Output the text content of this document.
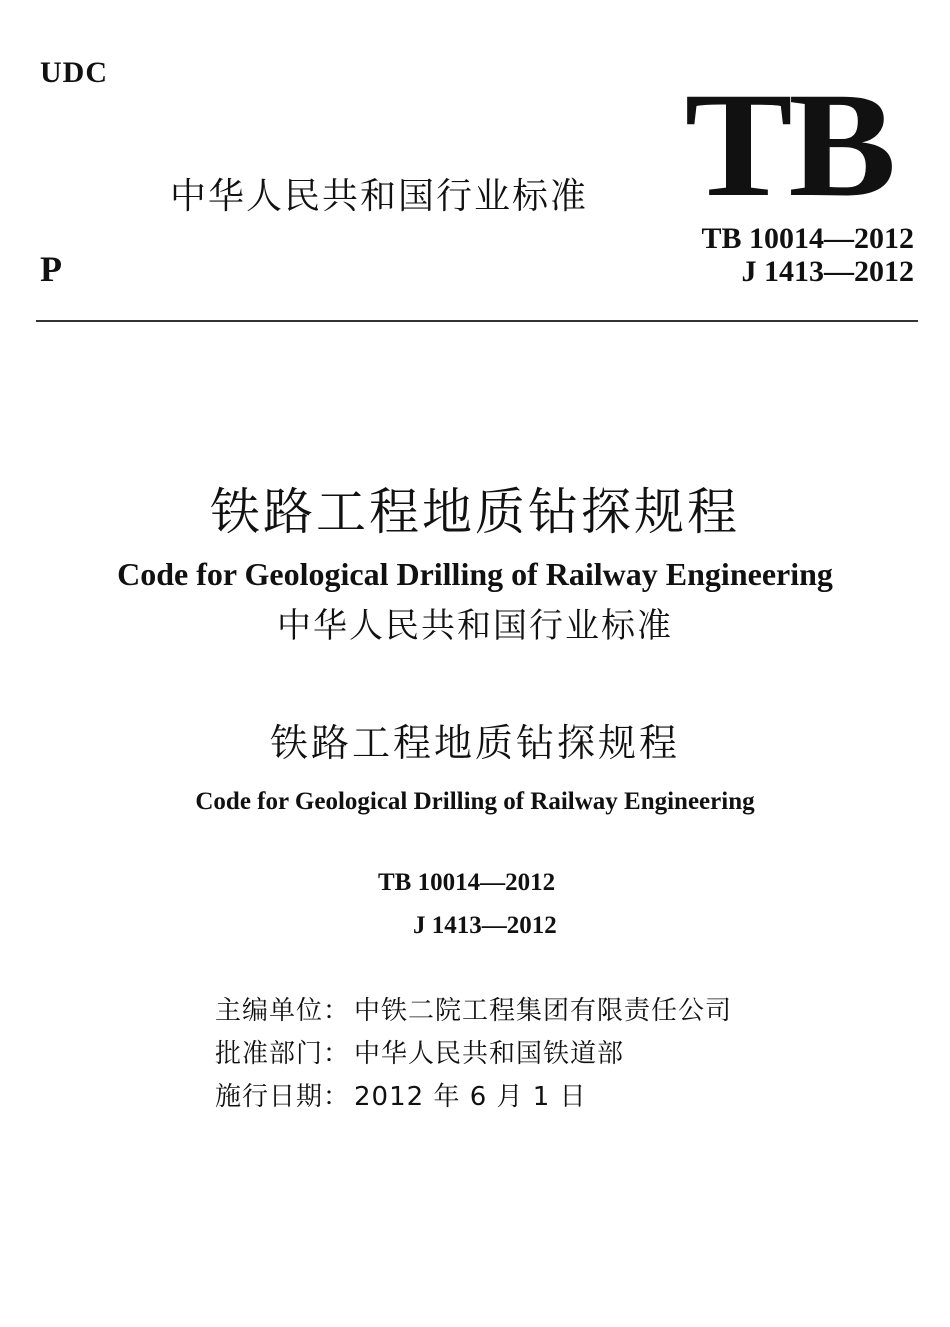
UDC
中华人民共和国行业标准 TB
TB 10014—2012
J 1413—2012
P
铁路工程地质钻探规程
Code for Geological Drilling of Railway Engineering
中华人民共和国行业标准
铁路工程地质钻探规程
Code for Geological Drilling of Railway Engineering
TB 10014—2012
J 1413—2012
主编单位： 中铁二院工程集团有限责任公司
批准部门： 中华人民共和国铁道部
施行日期： 2012 年 6 月 1 日
